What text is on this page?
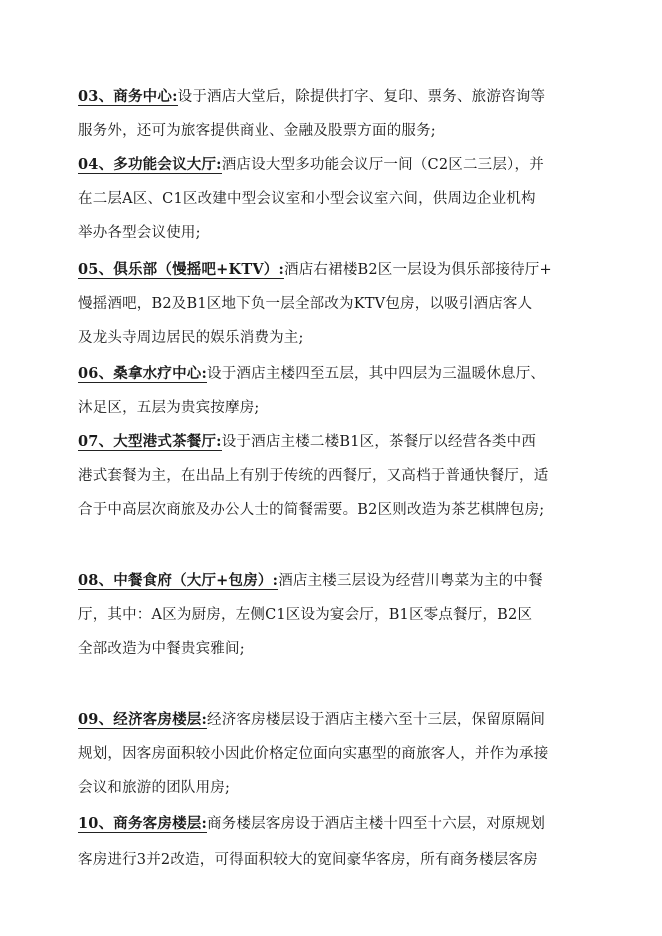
03、商务中心:设于酒店大堂后，除提供打字、复印、票务、旅游咨询等
服务外，还可为旅客提供商业、金融及股票方面的服务;
04、多功能会议大厅:酒店设大型多功能会议厅一间（C2区二三层），并
在二层A区、C1区改建中型会议室和小型会议室六间，供周边企业机构
举办各型会议使用;
05、俱乐部（慢摇吧+KTV）:酒店右裙楼B2区一层设为俱乐部接待厅+
慢摇酒吧，B2及B1区地下负一层全部改为KTV包房，以吸引酒店客人
及龙头寺周边居民的娱乐消费为主;
06、桑拿水疗中心:设于酒店主楼四至五层，其中四层为三温暖休息厅、
沐足区，五层为贵宾按摩房;
07、大型港式茶餐厅:设于酒店主楼二楼B1区，茶餐厅以经营各类中西
港式套餐为主，在出品上有别于传统的西餐厅，又高档于普通快餐厅，适
合于中高层次商旅及办公人士的简餐需要。B2区则改造为茶艺棋牌包房;
08、中餐食府（大厅+包房）:酒店主楼三层设为经营川粤菜为主的中餐
厅，其中：A区为厨房，左侧C1区设为宴会厅，B1区零点餐厅，B2区
全部改造为中餐贵宾雅间;
09、经济客房楼层:经济客房楼层设于酒店主楼六至十三层，保留原隔间
规划，因客房面积较小因此价格定位面向实惠型的商旅客人，并作为承接
会议和旅游的团队用房;
10、商务客房楼层:商务楼层客房设于酒店主楼十四至十六层，对原规划
客房进行3并2改造，可得面积较大的宽间豪华客房，所有商务楼层客房
